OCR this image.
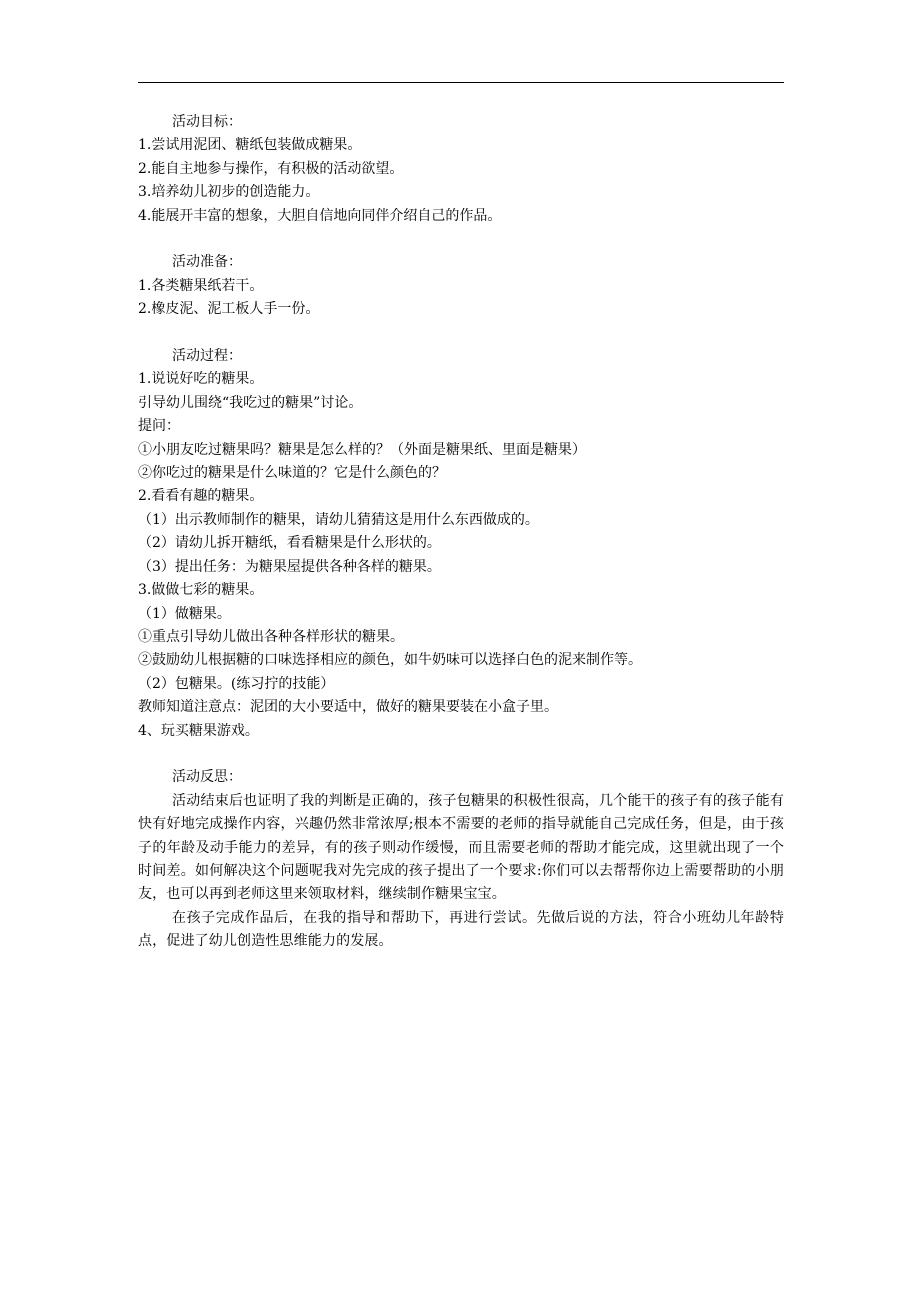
活动目标：

1.尝试用泥团、糖纸包装做成糖果。

2.能自主地参与操作，有积极的活动欲望。

3.培养幼儿初步的创造能力。

4.能展开丰富的想象，大胆自信地向同伴介绍自己的作品。

活动准备：

1.各类糖果纸若干。

2.橡皮泥、泥工板人手一份。

活动过程：

1.说说好吃的糖果。

引导幼儿围绕“我吃过的糖果”讨论。

提问：

①小朋友吃过糖果吗？糖果是怎么样的？（外面是糖果纸、里面是糖果）

②你吃过的糖果是什么味道的？它是什么颜色的？

2.看看有趣的糖果。

（1）出示教师制作的糖果，请幼儿猜猜这是用什么东西做成的。

（2）请幼儿拆开糖纸，看看糖果是什么形状的。

（3）提出任务：为糖果屋提供各种各样的糖果。

3.做做七彩的糖果。

（1）做糖果。

①重点引导幼儿做出各种各样形状的糖果。

②鼓励幼儿根据糖的口味选择相应的颜色，如牛奶味可以选择白色的泥来制作等。

（2）包糖果。(练习拧的技能）

教师知道注意点：泥团的大小要适中，做好的糖果要装在小盒子里。

4、玩买糖果游戏。

活动反思：

活动结束后也证明了我的判断是正确的，孩子包糖果的积极性很高，几个能干的孩子有的孩子能有快有好地完成操作内容，兴趣仍然非常浓厚;根本不需要的老师的指导就能自己完成任务，但是，由于孩子的年龄及动手能力的差异，有的孩子则动作缓慢，而且需要老师的帮助才能完成，这里就出现了一个时间差。如何解决这个问题呢我对先完成的孩子提出了一个要求:你们可以去帮帮你边上需要帮助的小朋友，也可以再到老师这里来领取材料，继续制作糖果宝宝。

在孩子完成作品后，在我的指导和帮助下，再进行尝试。先做后说的方法，符合小班幼儿年龄特点，促进了幼儿创造性思维能力的发展。
